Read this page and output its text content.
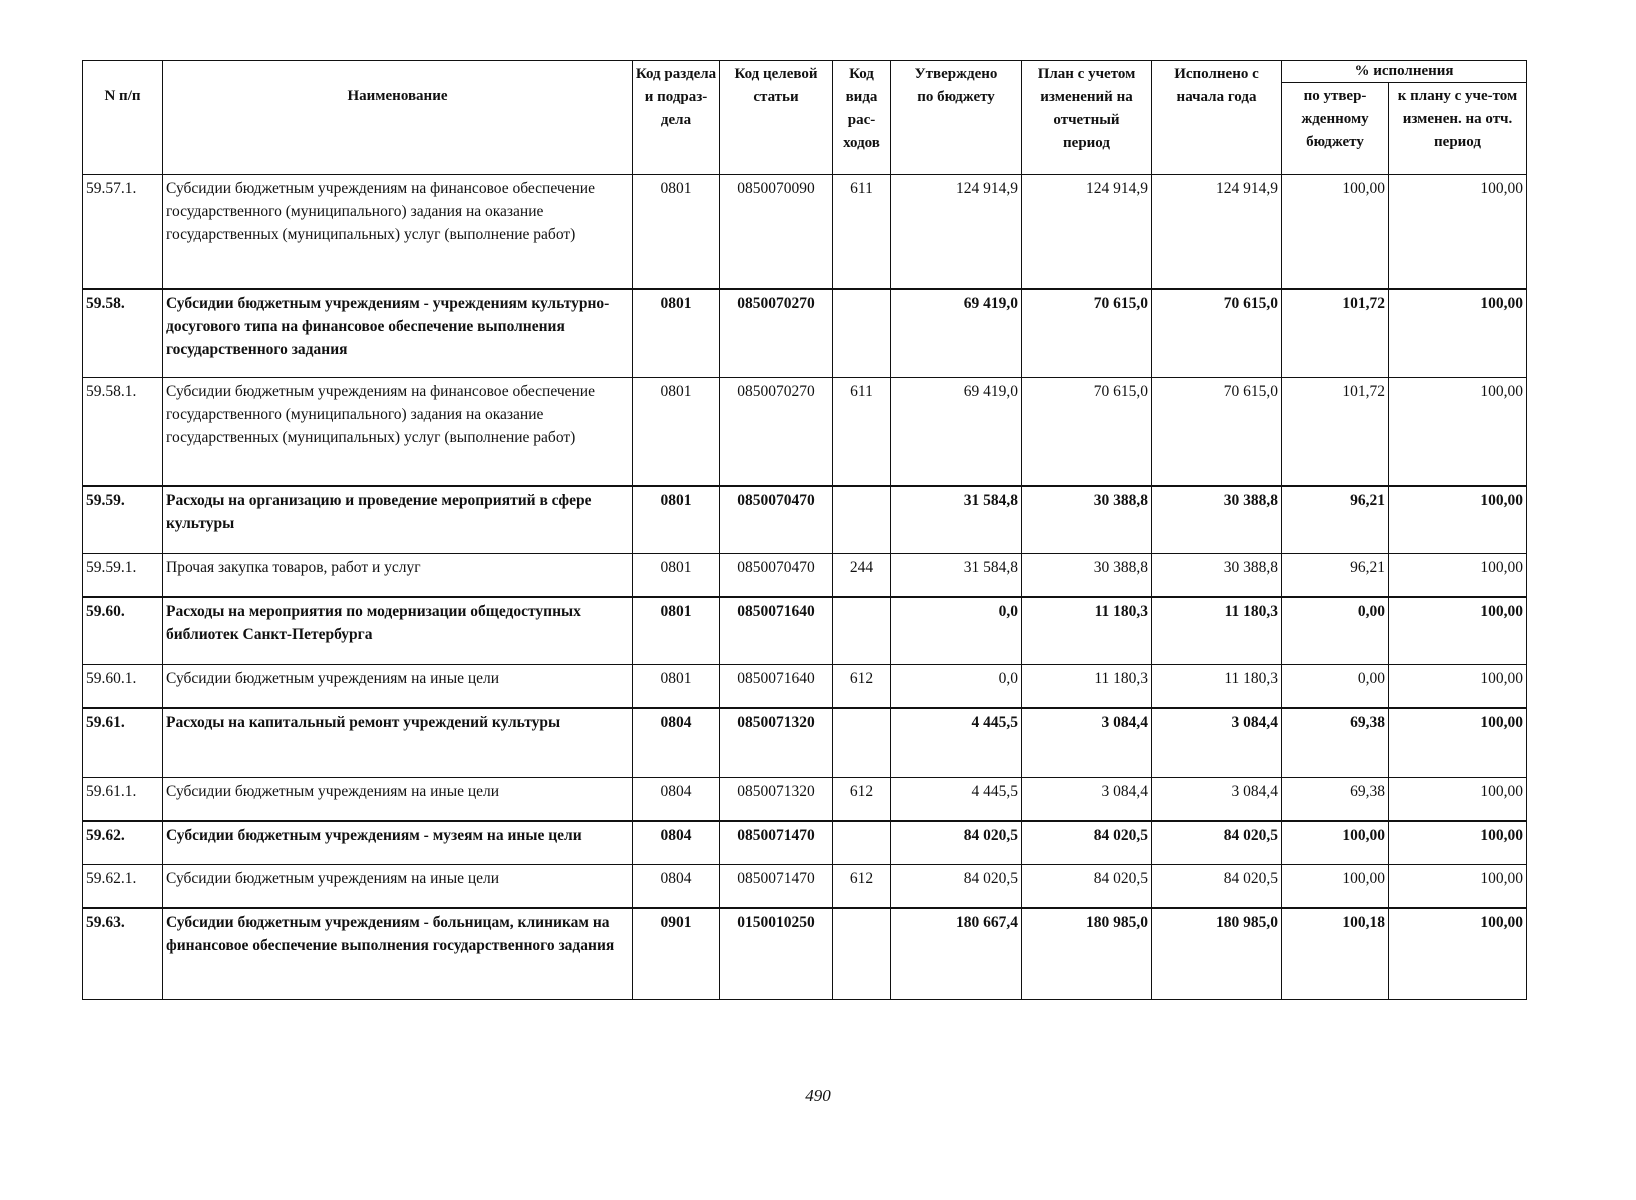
N п/п	Наименование	Код раздела и подраз-дела	Код целевой статьи	Код вида рас-ходов	Утверждено по бюджету	План с учетом изменений на отчетный период	Исполнено с начала года	% исполнения	
								по утвер-жденному бюджету	к плану с уче-том изменен. на отч. период
59.57.1.	Субсидии бюджетным учреждениям на финансовое обеспечение государственного (муниципального) задания на оказание государственных (муниципальных) услуг (выполнение работ)	0801	0850070090	611	124 914,9	124 914,9	124 914,9	100,00	100,00
59.58.	Субсидии бюджетным учреждениям - учреждениям культурно-досугового типа на финансовое обеспечение выполнения государственного задания	0801	0850070270		69 419,0	70 615,0	70 615,0	101,72	100,00
59.58.1.	Субсидии бюджетным учреждениям на финансовое обеспечение государственного (муниципального) задания на оказание государственных (муниципальных) услуг (выполнение работ)	0801	0850070270	611	69 419,0	70 615,0	70 615,0	101,72	100,00
59.59.	Расходы на организацию и проведение мероприятий в сфере культуры	0801	0850070470		31 584,8	30 388,8	30 388,8	96,21	100,00
59.59.1.	Прочая закупка товаров, работ и услуг	0801	0850070470	244	31 584,8	30 388,8	30 388,8	96,21	100,00
59.60.	Расходы на мероприятия по модернизации общедоступных библиотек Санкт-Петербурга	0801	0850071640		0,0	11 180,3	11 180,3	0,00	100,00
59.60.1.	Субсидии бюджетным учреждениям на иные цели	0801	0850071640	612	0,0	11 180,3	11 180,3	0,00	100,00
59.61.	Расходы на капитальный ремонт учреждений культуры	0804	0850071320		4 445,5	3 084,4	3 084,4	69,38	100,00
59.61.1.	Субсидии бюджетным учреждениям на иные цели	0804	0850071320	612	4 445,5	3 084,4	3 084,4	69,38	100,00
59.62.	Субсидии бюджетным учреждениям - музеям на иные цели	0804	0850071470		84 020,5	84 020,5	84 020,5	100,00	100,00
59.62.1.	Субсидии бюджетным учреждениям на иные цели	0804	0850071470	612	84 020,5	84 020,5	84 020,5	100,00	100,00
59.63.	Субсидии бюджетным учреждениям - больницам, клиникам на финансовое обеспечение выполнения государственного задания	0901	0150010250		180 667,4	180 985,0	180 985,0	100,18	100,00
490
